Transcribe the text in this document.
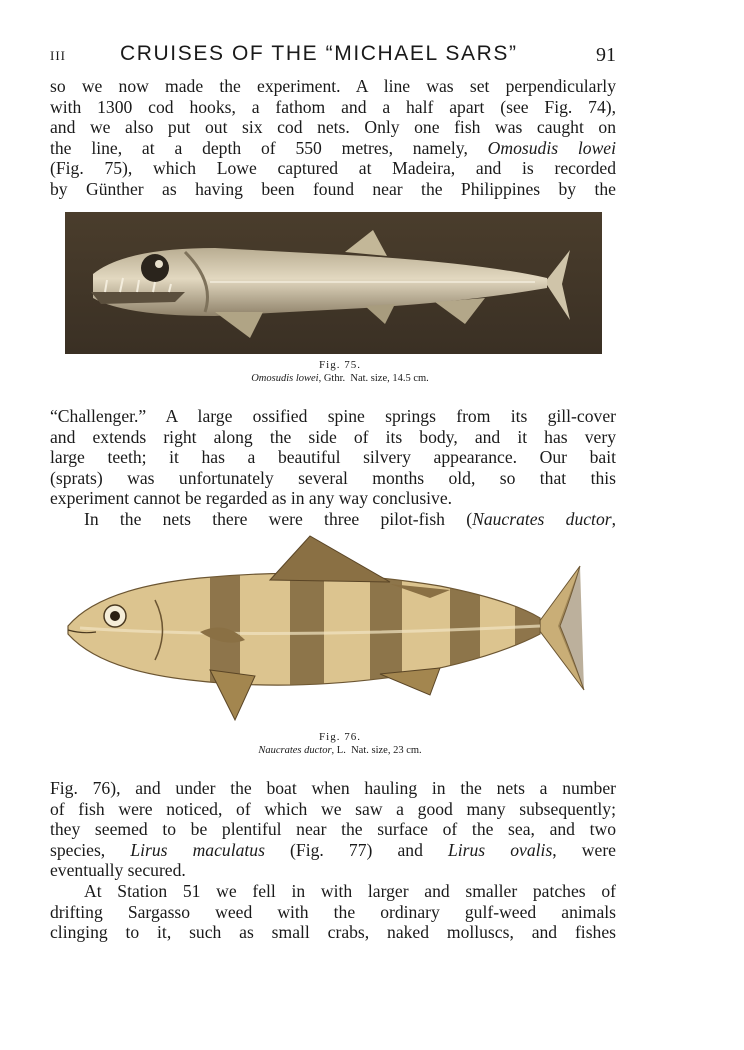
III	CRUISES OF THE “MICHAEL SARS”	91
so we now made the experiment. A line was set perpendicularly
with 1300 cod hooks, a fathom and a half apart (see Fig. 74),
and we also put out six cod nets. Only one fish was caught on
the line, at a depth of 550 metres, namely, Omosudis lowei
(Fig. 75), which Lowe captured at Madeira, and is recorded
by Günther as having been found near the Philippines by the
Fig. 75.
Omosudis lowei, Gthr. Nat. size, 14.5 cm.
“Challenger.” A large ossified spine springs from its gill-cover
and extends right along the side of its body, and it has very
large teeth; it has a beautiful silvery appearance. Our bait
(sprats) was unfortunately several months old, so that this
experiment cannot be regarded as in any way conclusive.
In the nets there were three pilot-fish (Naucrates ductor,
Fig. 76.
Naucrates ductor, L. Nat. size, 23 cm.
Fig. 76), and under the boat when hauling in the nets a number
of fish were noticed, of which we saw a good many subsequently;
they seemed to be plentiful near the surface of the sea, and two
species, Lirus maculatus (Fig. 77) and Lirus ovalis, were
eventually secured.
At Station 51 we fell in with larger and smaller patches of
drifting Sargasso weed with the ordinary gulf-weed animals
clinging to it, such as small crabs, naked molluscs, and fishes
